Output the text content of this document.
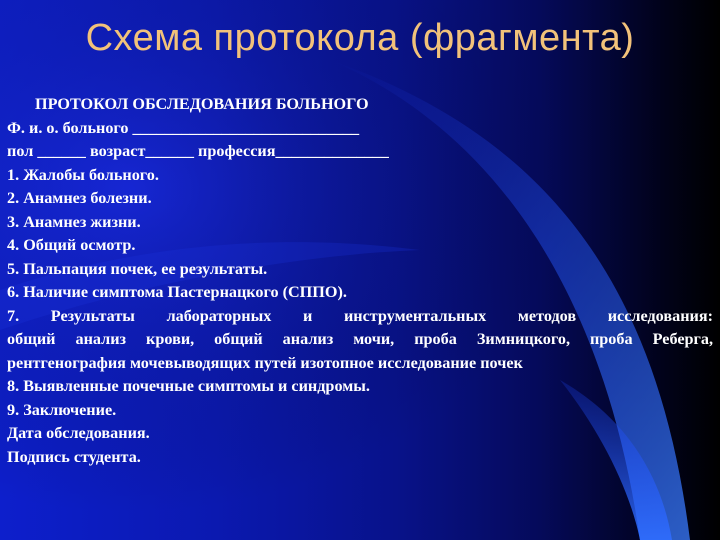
Схема протокола (фрагмента)
ПРОТОКОЛ ОБСЛЕДОВАНИЯ БОЛЬНОГО
Ф. и. о. больного ____________________________
пол ______ возраст______ профессия______________
1. Жалобы больного.
2. Анамнез болезни.
3. Анамнез жизни.
4. Общий осмотр.
5. Пальпация почек, ее результаты.
6. Наличие симптома Пастернацкого (СППО).
7. Результаты лабораторных и инструментальных методов исследования:
общий анализ крови, общий анализ мочи, проба Зимницкого, проба Реберга,
рентгенография мочевыводящих путей изотопное исследование почек
8. Выявленные почечные симптомы и синдромы.
9. Заключение.
Дата обследования.
Подпись студента.
